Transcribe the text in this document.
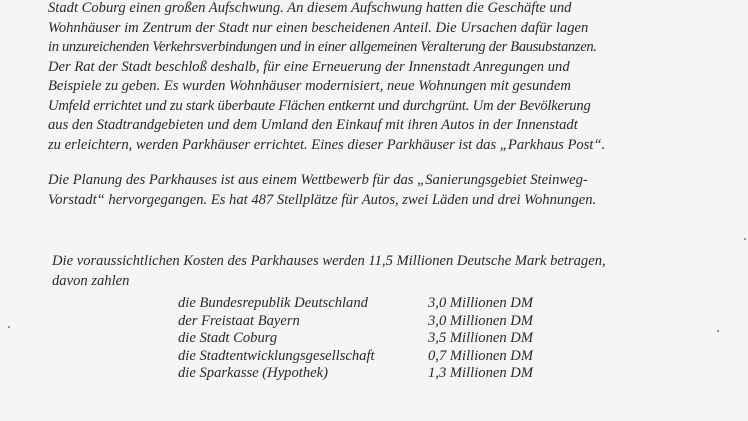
Stadt Coburg einen großen Aufschwung. An diesem Aufschwung hatten die Geschäfte und
Wohnhäuser im Zentrum der Stadt nur einen bescheidenen Anteil. Die Ursachen dafür lagen
in unzureichenden Verkehrsverbindungen und in einer allgemeinen Veralterung der Bausubstanzen.
Der Rat der Stadt beschloß deshalb, für eine Erneuerung der Innenstadt Anregungen und
Beispiele zu geben. Es wurden Wohnhäuser modernisiert, neue Wohnungen mit gesundem
Umfeld errichtet und zu stark überbaute Flächen entkernt und durchgrünt. Um der Bevölkerung
aus den Stadtrandgebieten und dem Umland den Einkauf mit ihren Autos in der Innenstadt
zu erleichtern, werden Parkhäuser errichtet. Eines dieser Parkhäuser ist das „Parkhaus Post“.
Die Planung des Parkhauses ist aus einem Wettbewerb für das „Sanierungsgebiet Steinweg-
Vorstadt“ hervorgegangen. Es hat 487 Stellplätze für Autos, zwei Läden und drei Wohnungen.
Die voraussichtlichen Kosten des Parkhauses werden 11,5 Millionen Deutsche Mark betragen,
davon zahlen
die Bundesrepublik Deutschland	3,0 Millionen DM
der Freistaat Bayern	3,0 Millionen DM
die Stadt Coburg	3,5 Millionen DM
die Stadtentwicklungsgesellschaft	0,7 Millionen DM
die Sparkasse (Hypothek)	1,3 Millionen DM
